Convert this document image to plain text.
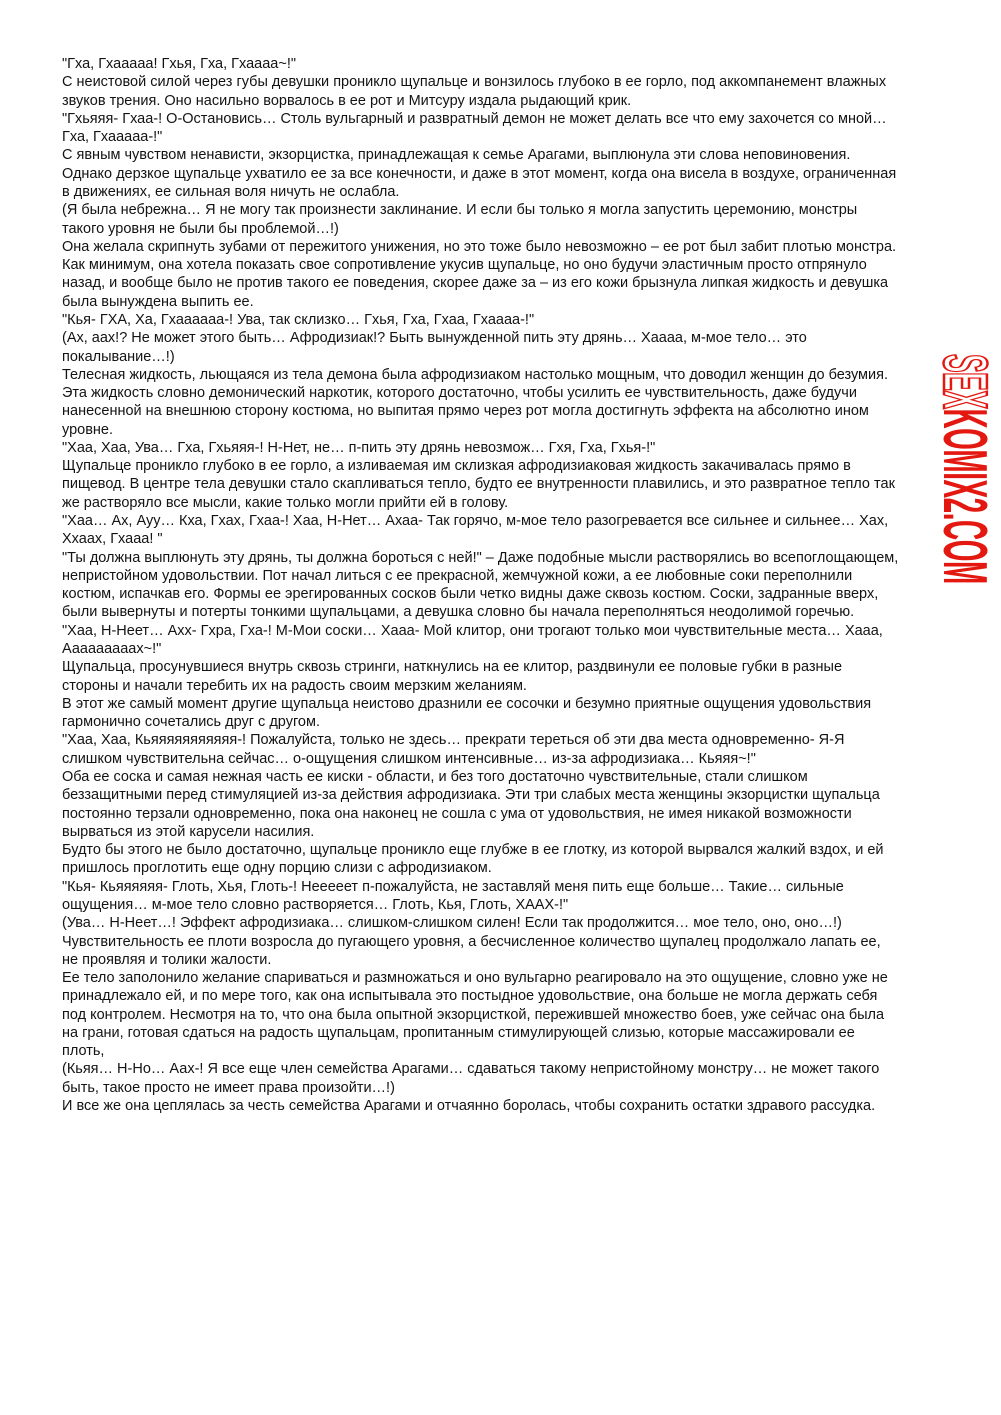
"Гха, Гхааааа! Гхья, Гха, Гхаааа~!"
С неистовой силой через губы девушки проникло щупальце и вонзилось глубоко в ее горло, под аккомпанемент влажных
звуков трения. Оно насильно ворвалось в ее рот и Митсуру издала рыдающий крик.
"Гхьяяя- Гхаа-! О-Остановись… Столь вульгарный и развратный демон не может делать все что ему захочется со мной…
Гха, Гхааааа-!"
С явным чувством ненависти, экзорцистка, принадлежащая к семье Арагами, выплюнула эти слова неповиновения.
Однако дерзкое щупальце ухватило ее за все конечности, и даже в этот момент, когда она висела в воздухе, ограниченная
в движениях, ее сильная воля ничуть не ослабла.
(Я была небрежна… Я не могу так произнести заклинание. И если бы только я могла запустить церемонию, монстры
такого уровня не были бы проблемой…!)
Она желала скрипнуть зубами от пережитого унижения, но это тоже было невозможно – ее рот был забит плотью монстра.
Как минимум, она хотела показать свое сопротивление укусив щупальце, но оно будучи эластичным просто отпрянуло
назад, и вообще было не против такого ее поведения, скорее даже за – из его кожи брызнула липкая жидкость и девушка
была вынуждена выпить ее.
"Кья- ГХА, Ха, Гхаааааа-! Ува, так склизко… Гхья, Гха, Гхаа, Гхаааа-!"
(Ах, аах!? Не может этого быть… Афродизиак!? Быть вынужденной пить эту дрянь… Хаааа, м-мое тело… это
покалывание…!)
Телесная жидкость, льющаяся из тела демона была афродизиаком настолько мощным, что доводил женщин до безумия.
Эта жидкость словно демонический наркотик, которого достаточно, чтобы усилить ее чувствительность, даже будучи
нанесенной на внешнюю сторону костюма, но выпитая прямо через рот могла достигнуть эффекта на абсолютно ином
уровне.
"Хаа, Хаа, Ува… Гха, Гхьяяя-! Н-Нет, не… п-пить эту дрянь невозмож… Гхя, Гха, Гхья-!"
Щупальце проникло глубоко в ее горло, а изливаемая им склизкая афродизиаковая жидкость закачивалась прямо в
пищевод. В центре тела девушки стало скапливаться тепло, будто ее внутренности плавились, и это развратное тепло так
же растворяло все мысли, какие только могли прийти ей в голову.
"Хаа… Ах, Ауу… Кха, Гхах, Гхаа-! Хаа, Н-Нет… Ахаа- Так горячо, м-мое тело разогревается все сильнее и сильнее… Хах,
Ххаах, Гхааа! "
"Ты должна выплюнуть эту дрянь, ты должна бороться с ней!" – Даже подобные мысли растворялись во всепоглощающем,
непристойном удовольствии. Пот начал литься с ее прекрасной, жемчужной кожи, а ее любовные соки переполнили
костюм, испачкав его. Формы ее эрегированных сосков были четко видны даже сквозь костюм. Соски, задранные вверх,
были вывернуты и потерты тонкими щупальцами, а девушка словно бы начала переполняться неодолимой горечью.
"Хаа, Н-Неет… Ахх- Гхра, Гха-! М-Мои соски… Хааа- Мой клитор, они трогают только мои чувствительные места… Хааа,
Ааааааааах~!"
Щупальца, просунувшиеся внутрь сквозь стринги, наткнулись на ее клитор, раздвинули ее половые губки в разные
стороны и начали теребить их на радость своим мерзким желаниям.
В этот же самый момент другие щупальца неистово дразнили ее сосочки и безумно приятные ощущения удовольствия
гармонично сочетались друг с другом.
"Хаа, Хаа, Кьяяяяяяяяяяя-! Пожалуйста, только не здесь… прекрати тереться об эти два места одновременно- Я-Я
слишком чувствительна сейчас… о-ощущения слишком интенсивные… из-за афродизиака… Кьяяя~!"
Оба ее соска и самая нежная часть ее киски - области, и без того достаточно чувствительные, стали слишком
беззащитными перед стимуляцией из-за действия афродизиака. Эти три слабых места женщины экзорцистки щупальца
постоянно терзали одновременно, пока она наконец не сошла с ума от удовольствия, не имея никакой возможности
вырваться из этой карусели насилия.
Будто бы этого не было достаточно, щупальце проникло еще глубже в ее глотку, из которой вырвался жалкий вздох, и ей
пришлось проглотить еще одну порцию слизи с афродизиаком.
"Кья- Кьяяяяяя- Глоть, Хья, Глоть-! Нееееет п-пожалуйста, не заставляй меня пить еще больше… Такие… сильные
ощущения… м-мое тело словно растворяется… Глоть, Кья, Глоть, ХААХ-!"
(Ува… Н-Неет…! Эффект афродизиака… слишком-слишком силен! Если так продолжится… мое тело, оно, оно…!)
Чувствительность ее плоти возросла до пугающего уровня, а бесчисленное количество щупалец продолжало лапать ее,
не проявляя и толики жалости.
Ее тело заполонило желание спариваться и размножаться и оно вульгарно реагировало на это ощущение, словно уже не
принадлежало ей, и по мере того, как она испытывала это постыдное удовольствие, она больше не могла держать себя
под контролем. Несмотря на то, что она была опытной экзорцисткой, пережившей множество боев, уже сейчас она была
на грани, готовая сдаться на радость щупальцам, пропитанным стимулирующей слизью, которые массажировали ее
плоть,
(Кьяя… Н-Но… Аах-! Я все еще член семейства Арагами… сдаваться такому непристойному монстру… не может такого
быть, такое просто не имеет права произойти…!)
И все же она цеплялась за честь семейства Арагами и отчаянно боролась, чтобы сохранить остатки здравого рассудка.
SEXKOMIX2.COM
